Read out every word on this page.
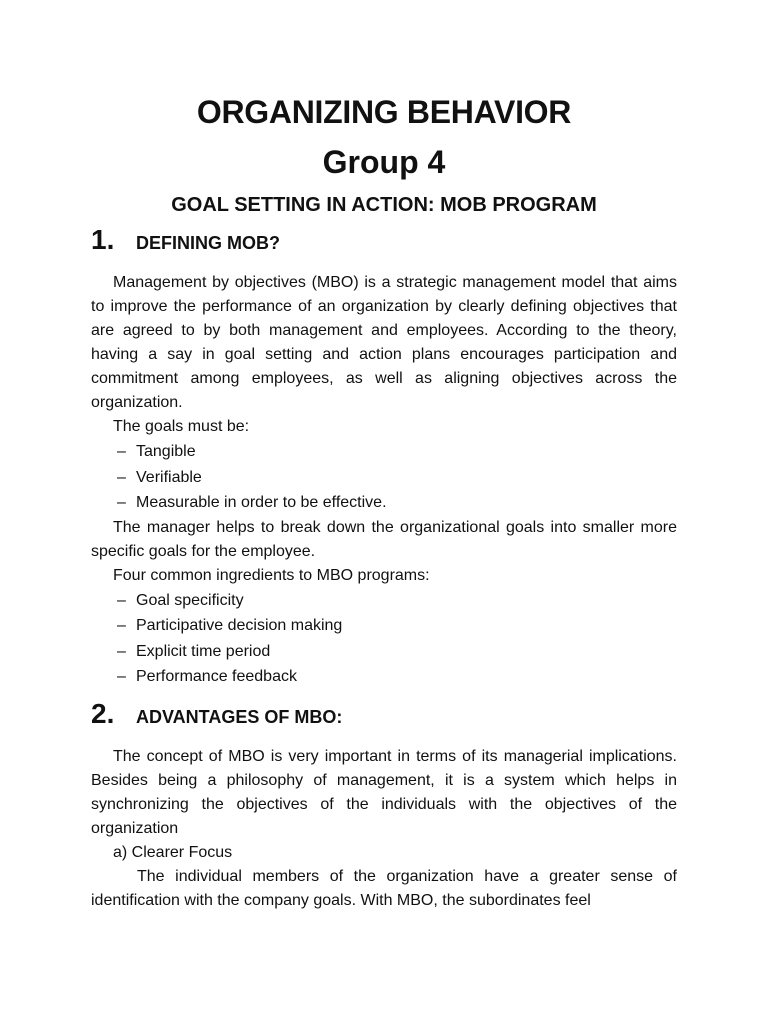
ORGANIZING BEHAVIOR
Group 4
GOAL SETTING IN ACTION: MOB PROGRAM
1.	DEFINING MOB?

Management by objectives (MBO) is a strategic management model that aims to improve the performance of an organization by clearly defining objectives that are agreed to by both management and employees. According to the theory, having a say in goal setting and action plans encourages participation and commitment among employees, as well as aligning objectives across the organization.

The goals must be:
– Tangible
– Verifiable
– Measurable in order to be effective.

The manager helps to break down the organizational goals into smaller more specific goals for the employee.

Four common ingredients to MBO programs:
– Goal specificity
– Participative decision making
– Explicit time period
– Performance feedback
2.	ADVANTAGES OF MBO:

The concept of MBO is very important in terms of its managerial implications. Besides being a philosophy of management, it is a system which helps in synchronizing the objectives of the individuals with the objectives of the organization

a) Clearer Focus

The individual members of the organization have a greater sense of identification with the company goals. With MBO, the subordinates feel
